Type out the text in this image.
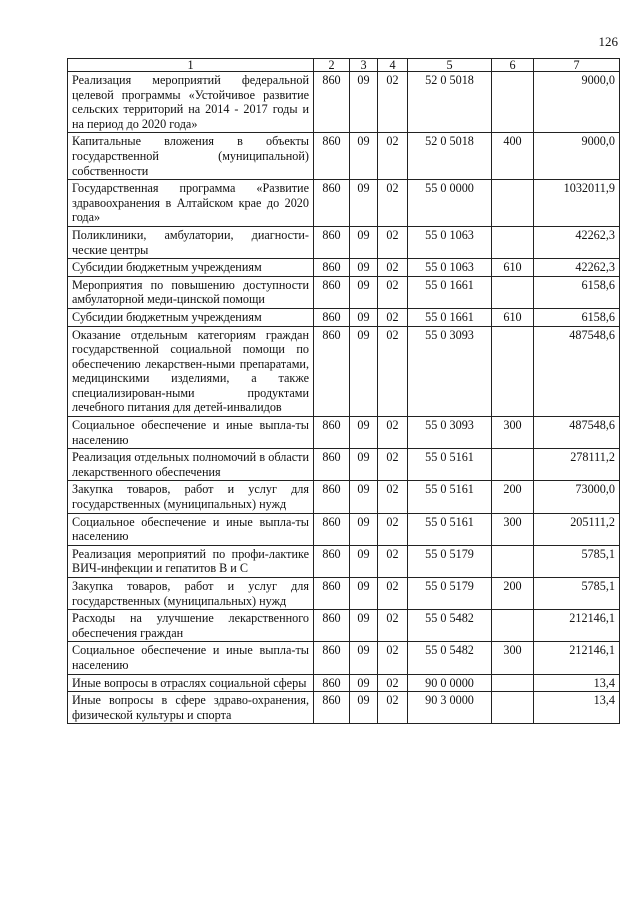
126
1	2	3	4	5	6	7
Реализация мероприятий федеральной целевой программы «Устойчивое развитие сельских территорий на 2014 - 2017 годы и на период до 2020 года»	860	09	02	52 0 5018		9000,0
Капитальные вложения в объекты государственной (муниципальной) собственности	860	09	02	52 0 5018	400	9000,0
Государственная программа «Развитие здравоохранения в Алтайском крае до 2020 года»	860	09	02	55 0 0000		1032011,9
Поликлиники, амбулатории, диагности-ческие центры	860	09	02	55 0 1063		42262,3
Субсидии бюджетным учреждениям	860	09	02	55 0 1063	610	42262,3
Мероприятия по повышению доступности амбулаторной меди-цинской помощи	860	09	02	55 0 1661		6158,6
Субсидии бюджетным учреждениям	860	09	02	55 0 1661	610	6158,6
Оказание отдельным категориям граждан государственной социальной помощи по обеспечению лекарствен-ными препаратами, медицинскими изделиями, а также специализирован-ными продуктами лечебного питания для детей-инвалидов	860	09	02	55 0 3093		487548,6
Социальное обеспечение и иные выпла-ты населению	860	09	02	55 0 3093	300	487548,6
Реализация отдельных полномочий в области лекарственного обеспечения	860	09	02	55 0 5161		278111,2
Закупка товаров, работ и услуг для государственных (муниципальных) нужд	860	09	02	55 0 5161	200	73000,0
Социальное обеспечение и иные выпла-ты населению	860	09	02	55 0 5161	300	205111,2
Реализация мероприятий по профи-лактике ВИЧ-инфекции и гепатитов В и С	860	09	02	55 0 5179		5785,1
Закупка товаров, работ и услуг для государственных (муниципальных) нужд	860	09	02	55 0 5179	200	5785,1
Расходы на улучшение лекарственного обеспечения граждан	860	09	02	55 0 5482		212146,1
Социальное обеспечение и иные выпла-ты населению	860	09	02	55 0 5482	300	212146,1
Иные вопросы в отраслях социальной сферы	860	09	02	90 0 0000		13,4
Иные вопросы в сфере здраво-охранения, физической культуры и спорта	860	09	02	90 3 0000		13,4
